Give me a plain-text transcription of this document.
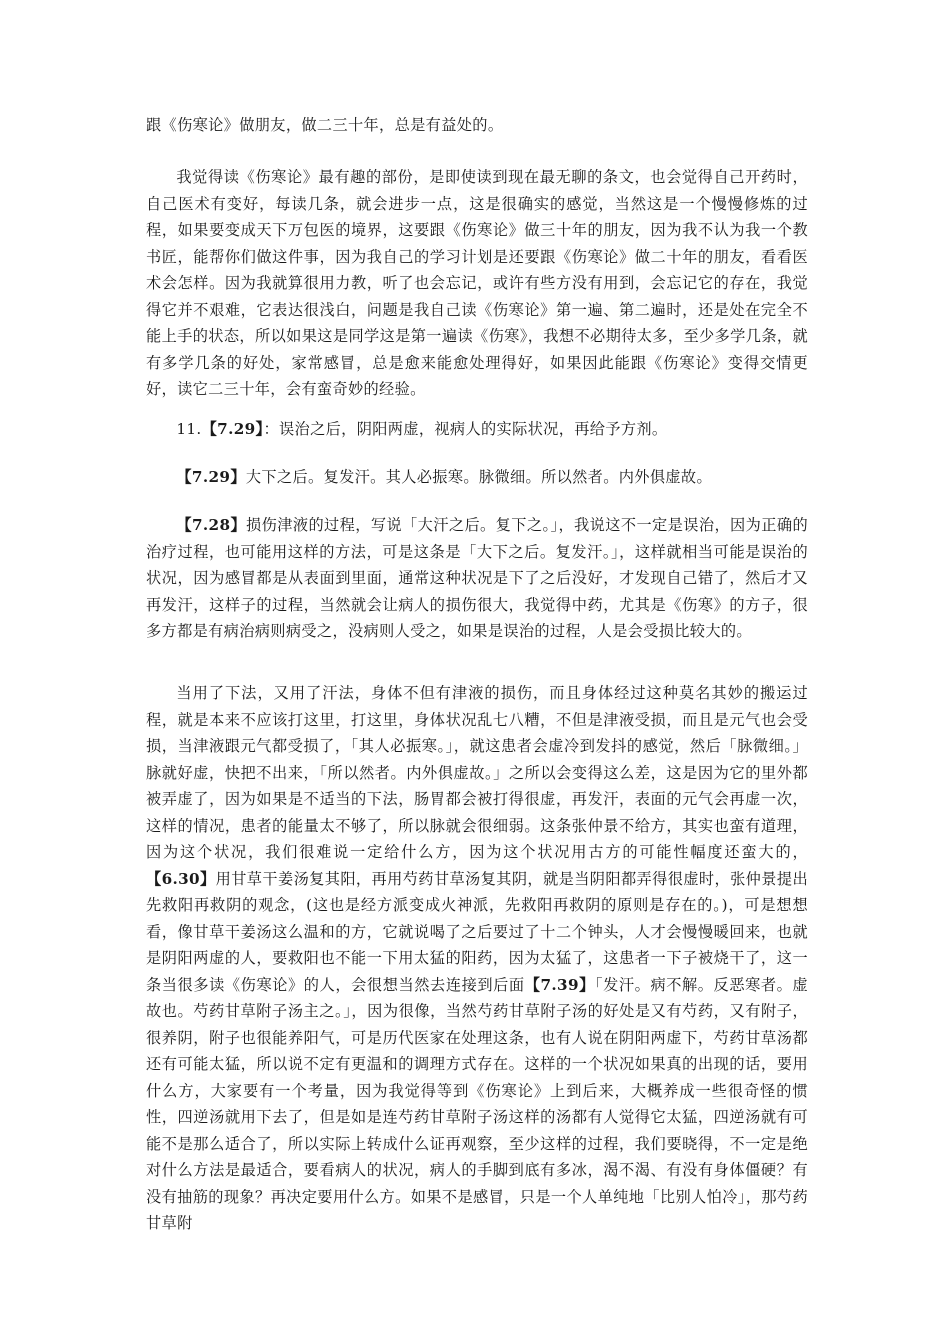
跟《伤寒论》做朋友，做二三十年，总是有益处的。

我觉得读《伤寒论》最有趣的部份，是即使读到现在最无聊的条文，也会觉得自己开药时，自己医术有变好，每读几条，就会进步一点，这是很确实的感觉，当然这是一个慢慢修炼的过程，如果要变成天下万包医的境界，这要跟《伤寒论》做三十年的朋友，因为我不认为我一个教书匠，能帮你们做这件事，因为我自己的学习计划是还要跟《伤寒论》做二十年的朋友，看看医术会怎样。因为我就算很用力教，听了也会忘记，或许有些方没有用到，会忘记它的存在，我觉得它并不艰难，它表达很浅白，问题是我自己读《伤寒论》第一遍、第二遍时，还是处在完全不能上手的状态，所以如果这是同学这是第一遍读《伤寒》，我想不必期待太多，至少多学几条，就有多学几条的好处，家常感冒，总是愈来能愈处理得好，如果因此能跟《伤寒论》变得交情更好，读它二三十年，会有蛮奇妙的经验。

11.【7.29】：误治之后，阴阳两虚，视病人的实际状况，再给予方剂。

【7.29】大下之后。复发汗。其人必振寒。脉微细。所以然者。内外俱虚故。

【7.28】损伤津液的过程，写说「大汗之后。复下之。」，我说这不一定是误治，因为正确的治疗过程，也可能用这样的方法，可是这条是「大下之后。复发汗。」，这样就相当可能是误治的状况，因为感冒都是从表面到里面，通常这种状况是下了之后没好，才发现自己错了，然后才又再发汗，这样子的过程，当然就会让病人的损伤很大，我觉得中药，尤其是《伤寒》的方子，很多方都是有病治病则病受之，没病则人受之，如果是误治的过程，人是会受损比较大的。

当用了下法，又用了汗法，身体不但有津液的损伤，而且身体经过这种莫名其妙的搬运过程，就是本来不应该打这里，打这里，身体状况乱七八糟，不但是津液受损，而且是元气也会受损，当津液跟元气都受损了，「其人必振寒。」，就这患者会虚冷到发抖的感觉，然后「脉微细。」脉就好虚，快把不出来，「所以然者。内外俱虚故。」之所以会变得这么差，这是因为它的里外都被弄虚了，因为如果是不适当的下法，肠胃都会被打得很虚，再发汗，表面的元气会再虚一次，这样的情况，患者的能量太不够了，所以脉就会很细弱。这条张仲景不给方，其实也蛮有道理，因为这个状况，我们很难说一定给什么方，因为这个状况用古方的可能性幅度还蛮大的，【6.30】用甘草干姜汤复其阳，再用芍药甘草汤复其阴，就是当阴阳都弄得很虚时，张仲景提出先救阳再救阴的观念，(这也是经方派变成火神派，先救阳再救阴的原则是存在的。)，可是想想看，像甘草干姜汤这么温和的方，它就说喝了之后要过了十二个钟头，人才会慢慢暖回来，也就是阴阳两虚的人，要救阳也不能一下用太猛的阳药，因为太猛了，这患者一下子被烧干了，这一条当很多读《伤寒论》的人，会很想当然去连接到后面【7.39】「发汗。病不解。反恶寒者。虚故也。芍药甘草附子汤主之。」，因为很像，当然芍药甘草附子汤的好处是又有芍药，又有附子，很养阴，附子也很能养阳气，可是历代医家在处理这条，也有人说在阴阳两虚下，芍药甘草汤都还有可能太猛，所以说不定有更温和的调理方式存在。这样的一个状况如果真的出现的话，要用什么方，大家要有一个考量，因为我觉得等到《伤寒论》上到后来，大概养成一些很奇怪的惯性，四逆汤就用下去了，但是如是连芍药甘草附子汤这样的汤都有人觉得它太猛，四逆汤就有可能不是那么适合了，所以实际上转成什么证再观察，至少这样的过程，我们要晓得，不一定是绝对什么方法是最适合，要看病人的状况，病人的手脚到底有多冰，渴不渴、有没有身体僵硬？有没有抽筋的现象？再决定要用什么方。如果不是感冒，只是一个人单纯地「比别人怕冷」，那芍药甘草附
